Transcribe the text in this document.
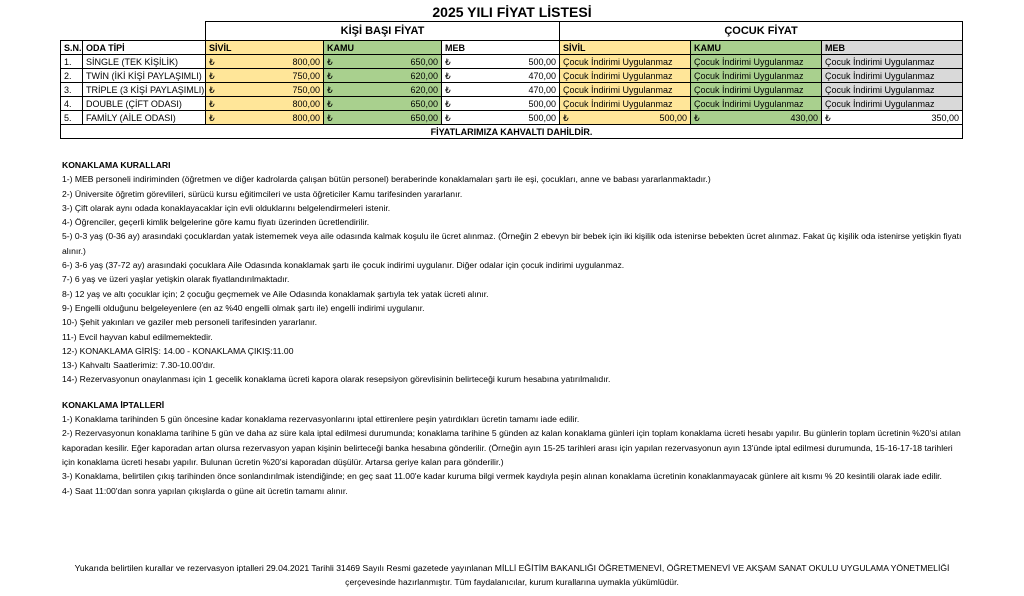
2025 YILI FİYAT LİSTESİ
		KİŞİ BAŞI FİYAT			ÇOCUK FİYAT		
S.N.	ODA TİPİ	SİVİL	KAMU	MEB	SİVİL	KAMU	MEB
1.	SİNGLE (TEK KİŞİLİK)	₺ 800,00	₺ 650,00	₺ 500,00	Çocuk İndirimi Uygulanmaz	Çocuk İndirimi Uygulanmaz	Çocuk İndirimi Uygulanmaz
2.	TWİN (İKİ KİŞİ PAYLAŞIMLI)	₺ 750,00	₺ 620,00	₺ 470,00	Çocuk İndirimi Uygulanmaz	Çocuk İndirimi Uygulanmaz	Çocuk İndirimi Uygulanmaz
3.	TRİPLE (3 KİŞİ PAYLAŞIMLI)	₺ 750,00	₺ 620,00	₺ 470,00	Çocuk İndirimi Uygulanmaz	Çocuk İndirimi Uygulanmaz	Çocuk İndirimi Uygulanmaz
4.	DOUBLE (ÇİFT ODASI)	₺ 800,00	₺ 650,00	₺ 500,00	Çocuk İndirimi Uygulanmaz	Çocuk İndirimi Uygulanmaz	Çocuk İndirimi Uygulanmaz
5.	FAMİLY (AİLE ODASI)	₺ 800,00	₺ 650,00	₺ 500,00	₺ 500,00	₺ 430,00	₺ 350,00

FİYATLARIMIZA KAHVALTI DAHİLDİR.							

KONAKLAMA KURALLARI

1-) MEB personeli indiriminden (öğretmen ve diğer kadrolarda çalışan bütün personel) beraberinde konaklamaları şartı ile eşi, çocukları, anne ve babası yararlanmaktadır.)

2-) Üniversite öğretim görevlileri, sürücü kursu eğitimcileri ve usta öğreticiler Kamu tarifesinden yararlanır.

3-) Çift olarak aynı odada konaklayacaklar için evli olduklarını belgelendirmeleri istenir.

4-) Öğrenciler, geçerli kimlik belgelerine göre kamu fiyatı üzerinden ücretlendirilir.

5-) 0-3 yaş (0-36 ay) arasındaki çocuklardan yatak istememek veya aile odasında kalmak koşulu ile ücret alınmaz. (Örneğin 2 ebevyn bir bebek için iki kişilik oda istenirse bebekten ücret alınmaz. Fakat üç kişilik oda istenirse yetişkin fiyatı alınır.)

6-) 3-6 yaş (37-72 ay) arasındaki çocuklara Aile Odasında konaklamak şartı ile çocuk indirimi uygulanır. Diğer odalar için çocuk indirimi uygulanmaz.

7-) 6 yaş ve üzeri yaşlar yetişkin olarak fiyatlandırılmaktadır.

8-) 12 yaş ve altı çocuklar için; 2 çocuğu geçmemek ve Aile Odasında konaklamak şartıyla tek yatak ücreti alınır.

9-) Engelli olduğunu belgeleyenlere (en az %40 engelli olmak şartı ile) engelli indirimi uygulanır.

10-) Şehit yakınları ve gaziler meb personeli tarifesinden yararlanır.

11-) Evcil hayvan kabul edilmemektedir.

12-) KONAKLAMA GİRİŞ: 14.00 - KONAKLAMA ÇIKIŞ:11.00

13-) Kahvaltı Saatlerimiz: 7.30-10.00'dır.

14-) Rezervasyonun onaylanması için 1 gecelik konaklama ücreti kapora olarak resepsiyon görevlisinin belirteceği kurum hesabına yatırılmalıdır.

KONAKLAMA İPTALLERİ

1-) Konaklama tarihinden 5 gün öncesine kadar konaklama rezervasyonlarını iptal ettirenlere peşin yatırdıkları ücretin tamamı iade edilir.

2-) Rezervasyonun konaklama tarihine 5 gün ve daha az süre kala iptal edilmesi durumunda; konaklama tarihine 5 günden az kalan konaklama günleri için toplam konaklama ücreti hesabı yapılır. Bu günlerin toplam ücretinin %20'si atılan kaporadan kesilir. Eğer kaporadan artan olursa rezervasyon yapan kişinin belirteceği banka hesabına gönderilir. (Örneğin ayın 15-25 tarihleri arası için yapılan rezervasyonun ayın 13'ünde iptal edilmesi durumunda, 15-16-17-18 tarihleri için konaklama ücreti hesabı yapılır. Bulunan ücretin %20'si kaporadan düşülür. Artarsa geriye kalan para gönderilir.)

3-) Konaklama, belirtilen çıkış tarihinden önce sonlandırılmak istendiğinde; en geç saat 11.00'e kadar kuruma bilgi vermek kaydıyla peşin alınan konaklama ücretinin konaklanmayacak günlere ait kısmı % 20 kesintili olarak iade edilir.

4-) Saat 11:00'dan sonra yapılan çıkışlarda o güne ait ücretin tamamı alınır.

Yukarıda belirtilen kurallar ve rezervasyon iptalleri 29.04.2021 Tarihli 31469 Sayılı Resmi gazetede yayınlanan MİLLİ EĞİTİM BAKANLIĞI ÖĞRETMENEVİ, ÖĞRETMENEVİ VE AKŞAM SANAT OKULU UYGULAMA YÖNETMELİĞİ çerçevesinde hazırlanmıştır. Tüm faydalanıcılar, kurum kurallarına uymakla yükümlüdür.
